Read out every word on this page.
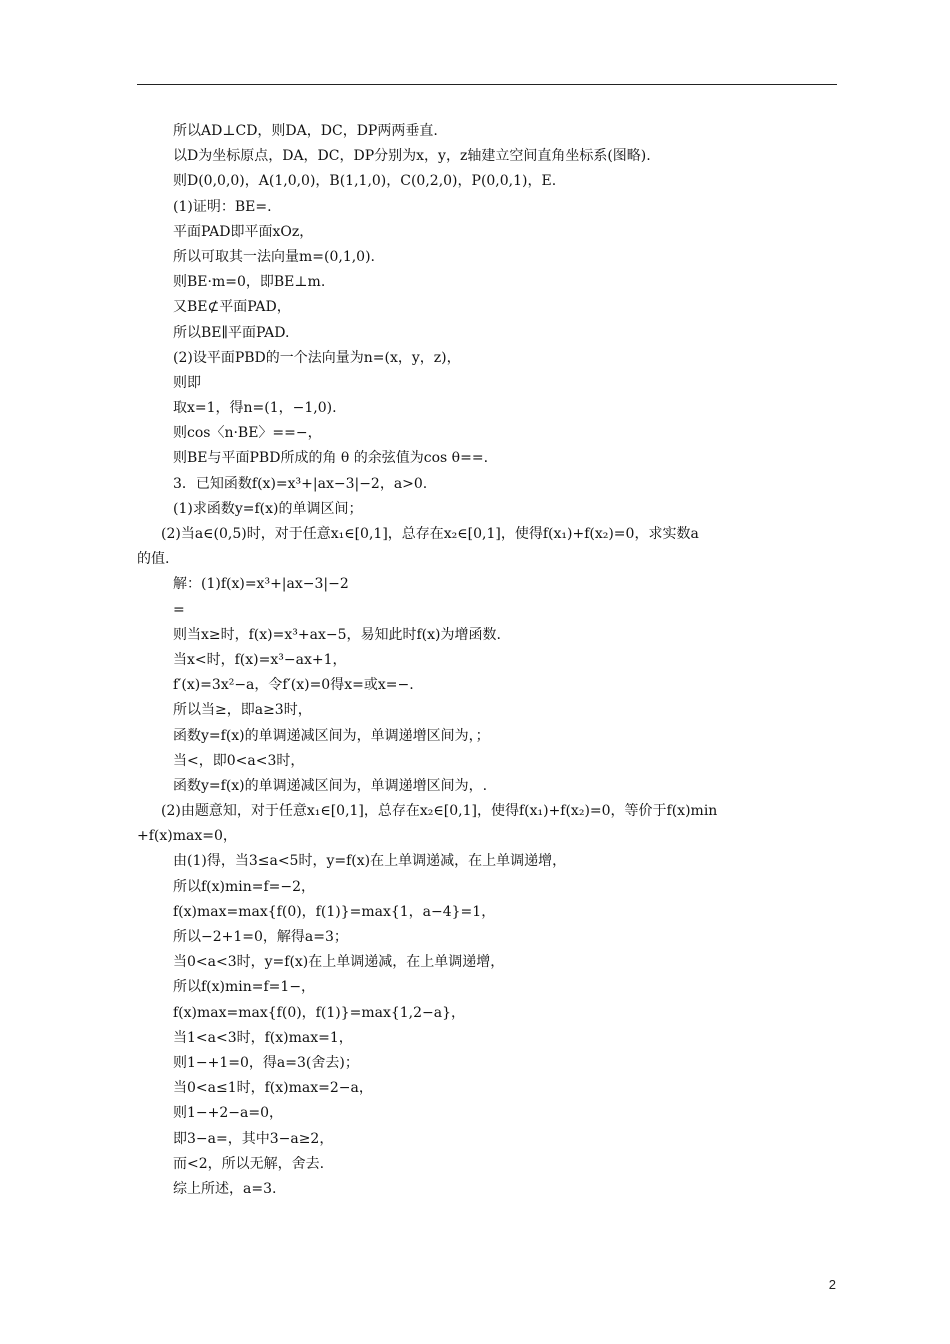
所以AD⊥CD，则DA，DC，DP两两垂直.
以D为坐标原点，DA，DC，DP分别为x，y，z轴建立空间直角坐标系(图略).
则D(0,0,0)，A(1,0,0)，B(1,1,0)，C(0,2,0)，P(0,0,1)，E.
(1)证明：BE=.
平面PAD即平面xOz，
所以可取其一法向量m=(0,1,0).
则BE·m=0，即BE⊥m.
又BE⊄平面PAD，
所以BE∥平面PAD.
(2)设平面PBD的一个法向量为n=(x，y，z)，
则即
取x=1，得n=(1，−1,0).
则cos〈n·BE〉==−，
则BE与平面PBD所成的角 θ 的余弦值为cos θ==.
3．已知函数f(x)=x³+|ax−3|−2，a>0.
(1)求函数y=f(x)的单调区间；
(2)当a∈(0,5)时，对于任意x₁∈[0,1]，总存在x₂∈[0,1]，使得f(x₁)+f(x₂)=0，求实数a
的值.
解：(1)f(x)=x³+|ax−3|−2
=
则当x≥时，f(x)=x³+ax−5，易知此时f(x)为增函数.
当x<时，f(x)=x³−ax+1，
f′(x)=3x²−a，令f′(x)=0得x=或x=−.
所以当≥，即a≥3时，
函数y=f(x)的单调递减区间为，单调递增区间为，；
当<，即0<a<3时，
函数y=f(x)的单调递减区间为，单调递增区间为，.
(2)由题意知，对于任意x₁∈[0,1]，总存在x₂∈[0,1]，使得f(x₁)+f(x₂)=0，等价于f(x)min
+f(x)max=0，
由(1)得，当3≤a<5时，y=f(x)在上单调递减，在上单调递增，
所以f(x)min=f=−2，
f(x)max=max{f(0)，f(1)}=max{1，a−4}=1，
所以−2+1=0，解得a=3；
当0<a<3时，y=f(x)在上单调递减，在上单调递增，
所以f(x)min=f=1−，
f(x)max=max{f(0)，f(1)}=max{1,2−a}，
当1<a<3时，f(x)max=1，
则1−+1=0，得a=3(舍去)；
当0<a≤1时，f(x)max=2−a，
则1−+2−a=0，
即3−a=，其中3−a≥2，
而<2，所以无解，舍去.
综上所述，a=3.
2
